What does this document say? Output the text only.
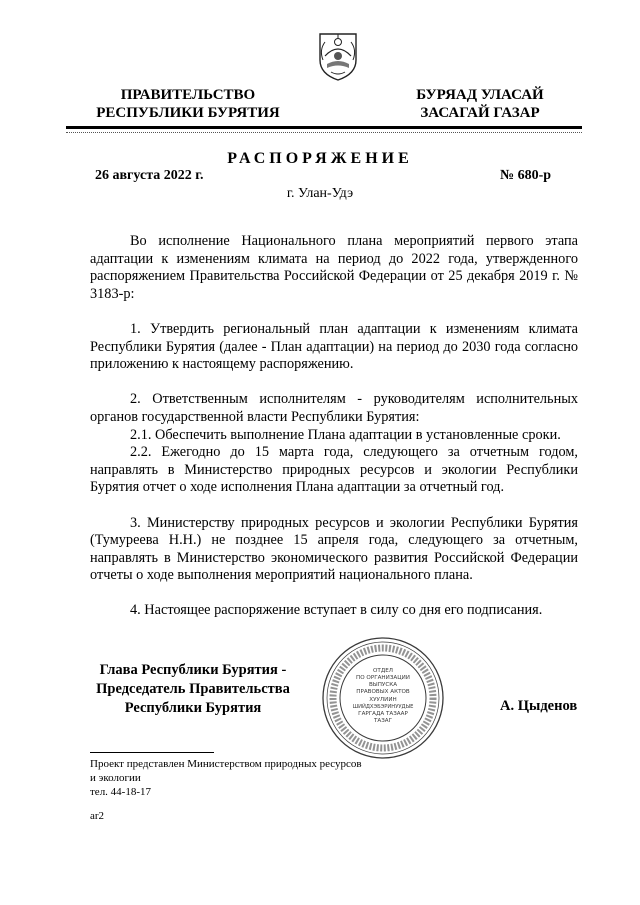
ПРАВИТЕЛЬСТВО
РЕСПУБЛИКИ БУРЯТИЯ
БУРЯАД УЛАСАЙ
ЗАСАГАЙ ГАЗАР
РАСПОРЯЖЕНИЕ
26 августа 2022 г.	№ 680-р
г. Улан-Удэ

Во исполнение Национального плана мероприятий первого этапа адаптации к изменениям климата на период до 2022 года, утвержденного распоряжением Правительства Российской Федерации от 25 декабря 2019 г. № 3183-р:

1. Утвердить региональный план адаптации к изменениям климата Республики Бурятия (далее - План адаптации) на период до 2030 года согласно приложению к настоящему распоряжению.

2. Ответственным исполнителям - руководителям исполнительных органов государственной власти Республики Бурятия:

2.1. Обеспечить выполнение Плана адаптации в установленные сроки.

2.2. Ежегодно до 15 марта года, следующего за отчетным годом, направлять в Министерство природных ресурсов и экологии Республики Бурятия отчет о ходе исполнения Плана адаптации за отчетный год.

3. Министерству природных ресурсов и экологии Республики Бурятия (Тумуреева Н.Н.) не позднее 15 апреля года, следующего за отчетным, направлять в Министерство экономического развития Российской Федерации отчеты о ходе выполнения мероприятий национального плана.

4. Настоящее распоряжение вступает в силу со дня его подписания.

Глава Республики Бурятия -
Председатель Правительства
Республики Бурятия	А. Цыденов
ОТДЕЛ
ПО ОРГАНИЗАЦИИ
ВЫПУСКА
ПРАВОВЫХ АКТОВ
ХУУЛИИН
ШИЙДХЭБЭРИНУУДЫЕ
ГАРГАДА ТАЗААР
ТАЗАГ
Проект представлен Министерством природных ресурсов
и экологии
тел. 44-18-17
ar2
